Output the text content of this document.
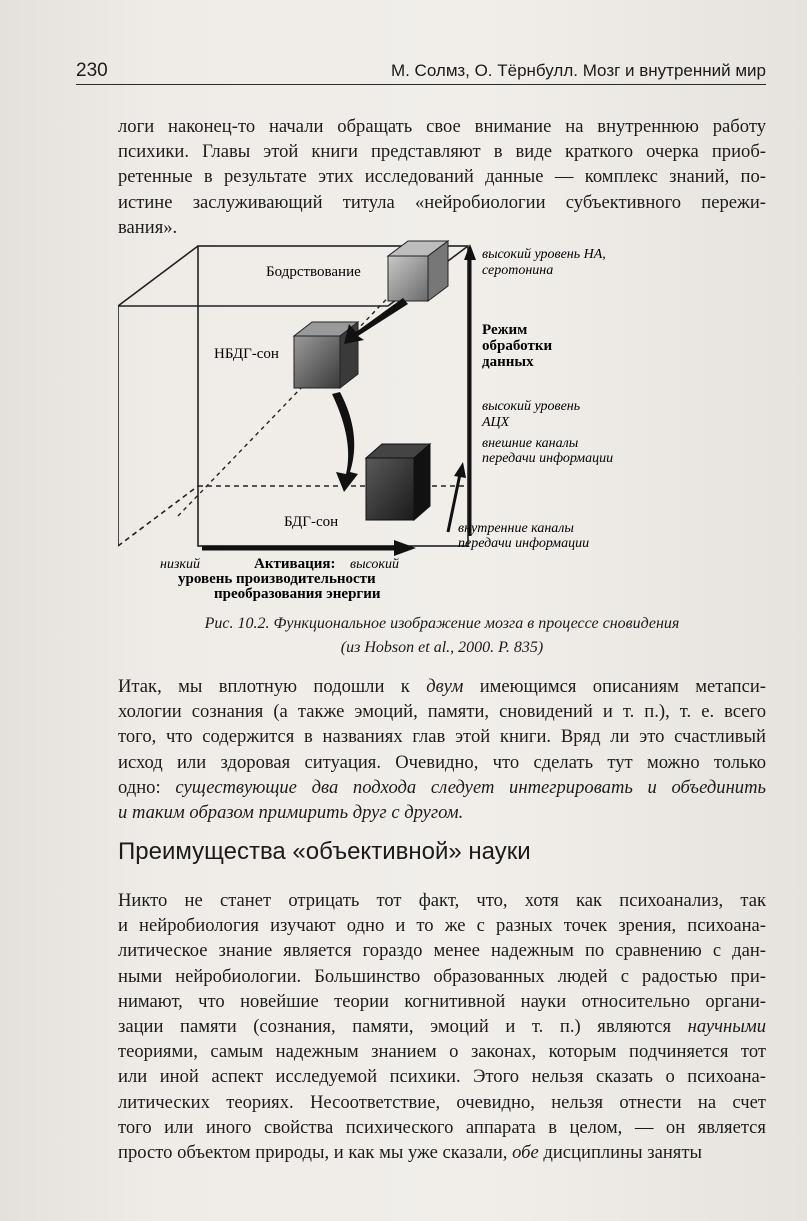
230	М. Солмз, О. Тёрнбулл. Мозг и внутренний мир
логи наконец-то начали обращать свое внимание на внутреннюю работу
психики. Главы этой книги представляют в виде краткого очерка приоб-
ретенные в результате этих исследований данные — комплекс знаний, по-
истине заслуживающий титула «нейробиологии субъективного пережи-
вания».
Бодрствование
НБДГ-сон
БДГ-сон
высокий уровень НА,
серотонина
Режим
обработки
данных
высокий уровень
АЦХ
внешние каналы
передачи информации
внутренние каналы
передачи информации
низкий	Активация: высокий
уровень производительности
преобразования энергии
Рис. 10.2. Функциональное изображение мозга в процессе сновидения
(из Hobson et al., 2000. P. 835)
Итак, мы вплотную подошли к двум имеющимся описаниям метапси-
хологии сознания (а также эмоций, памяти, сновидений и т. п.), т. е. всего
того, что содержится в названиях глав этой книги. Вряд ли это счастливый
исход или здоровая ситуация. Очевидно, что сделать тут можно только
одно: существующие два подхода следует интегрировать и объединить
и таким образом примирить друг с другом.
Преимущества «объективной» науки
Никто не станет отрицать тот факт, что, хотя как психоанализ, так
и нейробиология изучают одно и то же с разных точек зрения, психоана-
литическое знание является гораздо менее надежным по сравнению с дан-
ными нейробиологии. Большинство образованных людей с радостью при-
нимают, что новейшие теории когнитивной науки относительно органи-
зации памяти (сознания, памяти, эмоций и т. п.) являются научными
теориями, самым надежным знанием о законах, которым подчиняется тот
или иной аспект исследуемой психики. Этого нельзя сказать о психоана-
литических теориях. Несоответствие, очевидно, нельзя отнести на счет
того или иного свойства психического аппарата в целом, — он является
просто объектом природы, и как мы уже сказали, обе дисциплины заняты
